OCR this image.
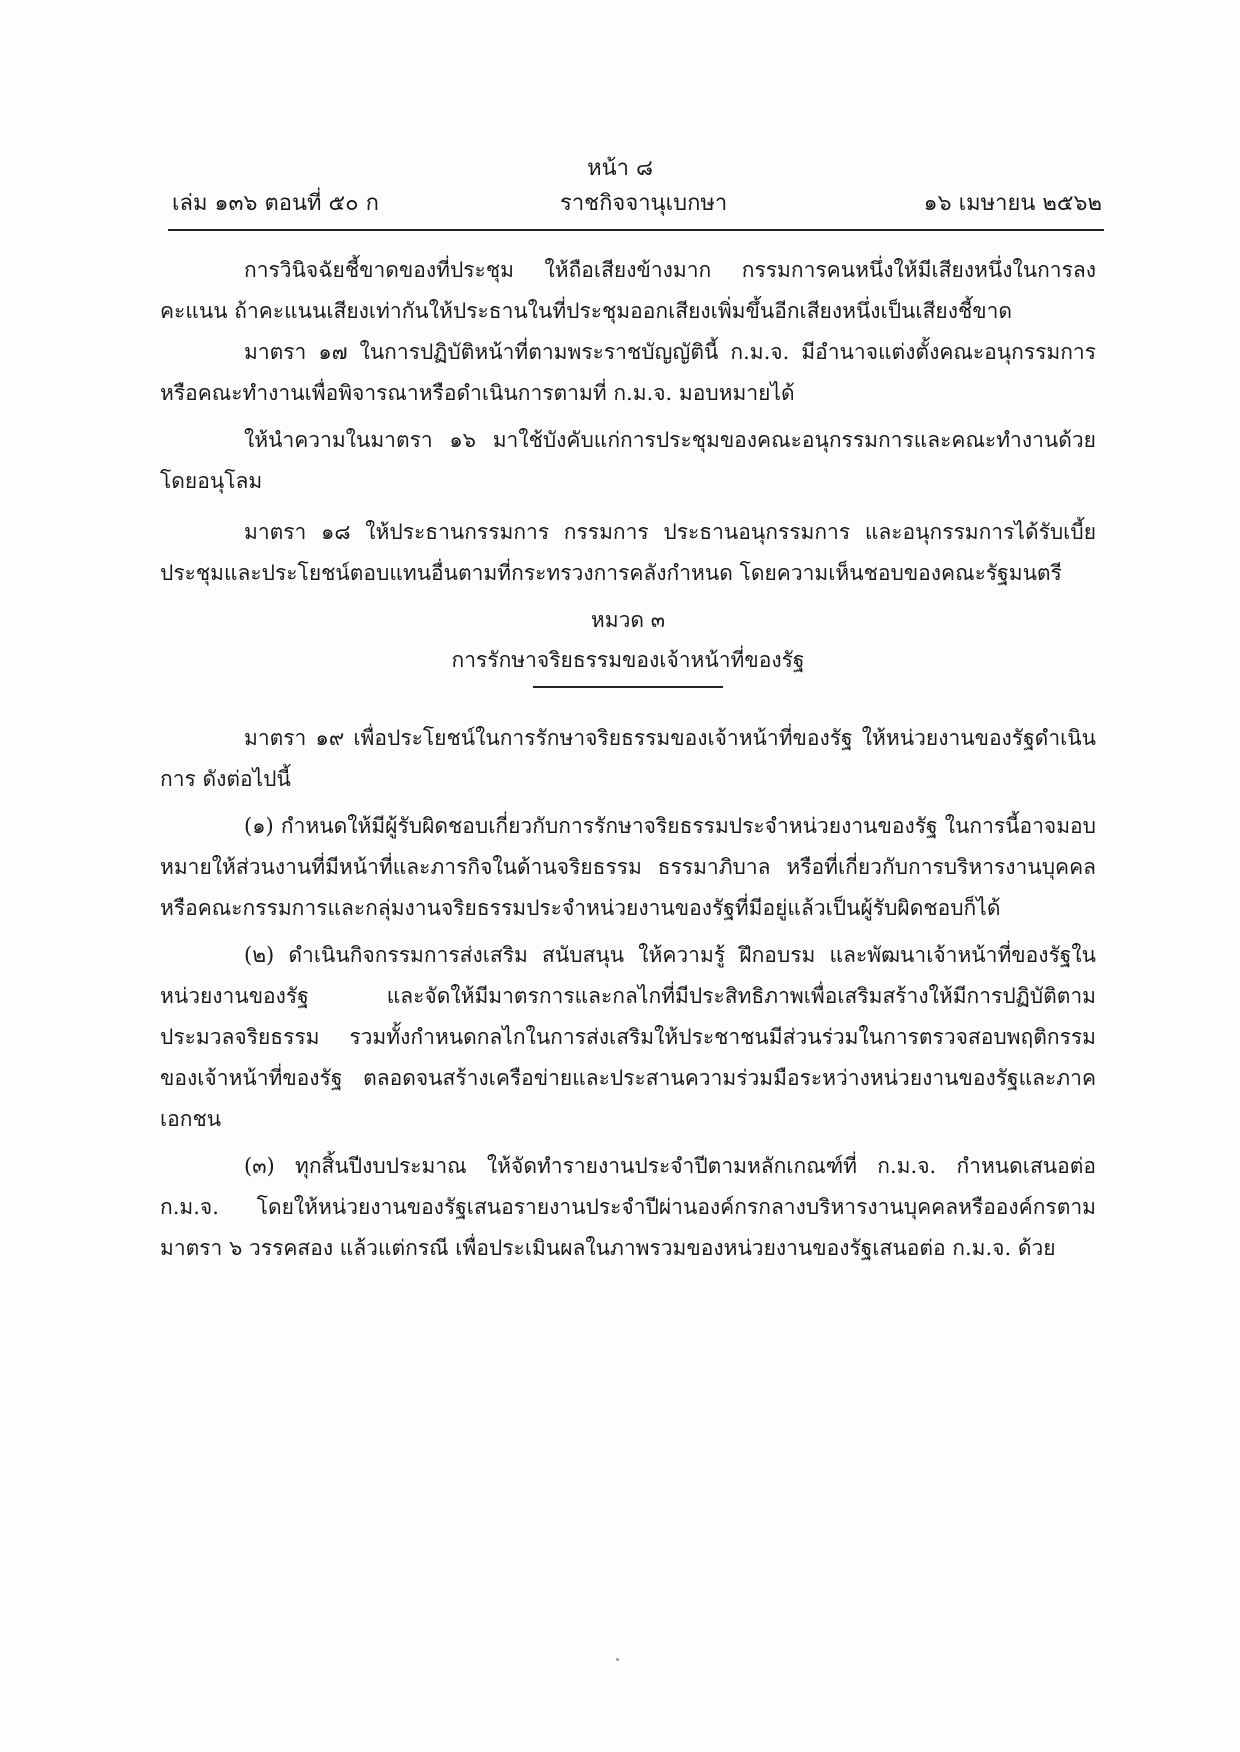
หน้า ๘
เล่ม ๑๓๖ ตอนที่ ๕๐ ก	ราชกิจจานุเบกษา	๑๖ เมษายน ๒๕๖๒

การวินิจฉัยชี้ขาดของที่ประชุม ให้ถือเสียงข้างมาก กรรมการคนหนึ่งให้มีเสียงหนึ่งในการลงคะแนน ถ้าคะแนนเสียงเท่ากันให้ประธานในที่ประชุมออกเสียงเพิ่มขึ้นอีกเสียงหนึ่งเป็นเสียงชี้ขาด

มาตรา ๑๗ ในการปฏิบัติหน้าที่ตามพระราชบัญญัตินี้ ก.ม.จ. มีอำนาจแต่งตั้งคณะอนุกรรมการหรือคณะทำงานเพื่อพิจารณาหรือดำเนินการตามที่ ก.ม.จ. มอบหมายได้

ให้นำความในมาตรา ๑๖ มาใช้บังคับแก่การประชุมของคณะอนุกรรมการและคณะทำงานด้วยโดยอนุโลม

มาตรา ๑๘ ให้ประธานกรรมการ กรรมการ ประธานอนุกรรมการ และอนุกรรมการได้รับเบี้ยประชุมและประโยชน์ตอบแทนอื่นตามที่กระทรวงการคลังกำหนด โดยความเห็นชอบของคณะรัฐมนตรี

หมวด ๓

การรักษาจริยธรรมของเจ้าหน้าที่ของรัฐ

มาตรา ๑๙ เพื่อประโยชน์ในการรักษาจริยธรรมของเจ้าหน้าที่ของรัฐ ให้หน่วยงานของรัฐดำเนินการ ดังต่อไปนี้

(๑) กำหนดให้มีผู้รับผิดชอบเกี่ยวกับการรักษาจริยธรรมประจำหน่วยงานของรัฐ ในการนี้อาจมอบหมายให้ส่วนงานที่มีหน้าที่และภารกิจในด้านจริยธรรม ธรรมาภิบาล หรือที่เกี่ยวกับการบริหารงานบุคคล หรือคณะกรรมการและกลุ่มงานจริยธรรมประจำหน่วยงานของรัฐที่มีอยู่แล้วเป็นผู้รับผิดชอบก็ได้

(๒) ดำเนินกิจกรรมการส่งเสริม สนับสนุน ให้ความรู้ ฝึกอบรม และพัฒนาเจ้าหน้าที่ของรัฐในหน่วยงานของรัฐ และจัดให้มีมาตรการและกลไกที่มีประสิทธิภาพเพื่อเสริมสร้างให้มีการปฏิบัติตามประมวลจริยธรรม รวมทั้งกำหนดกลไกในการส่งเสริมให้ประชาชนมีส่วนร่วมในการตรวจสอบพฤติกรรมของเจ้าหน้าที่ของรัฐ ตลอดจนสร้างเครือข่ายและประสานความร่วมมือระหว่างหน่วยงานของรัฐและภาคเอกชน

(๓) ทุกสิ้นปีงบประมาณ ให้จัดทำรายงานประจำปีตามหลักเกณฑ์ที่ ก.ม.จ. กำหนดเสนอต่อ ก.ม.จ. โดยให้หน่วยงานของรัฐเสนอรายงานประจำปีผ่านองค์กรกลางบริหารงานบุคคลหรือองค์กรตามมาตรา ๖ วรรคสอง แล้วแต่กรณี เพื่อประเมินผลในภาพรวมของหน่วยงานของรัฐเสนอต่อ ก.ม.จ. ด้วย
